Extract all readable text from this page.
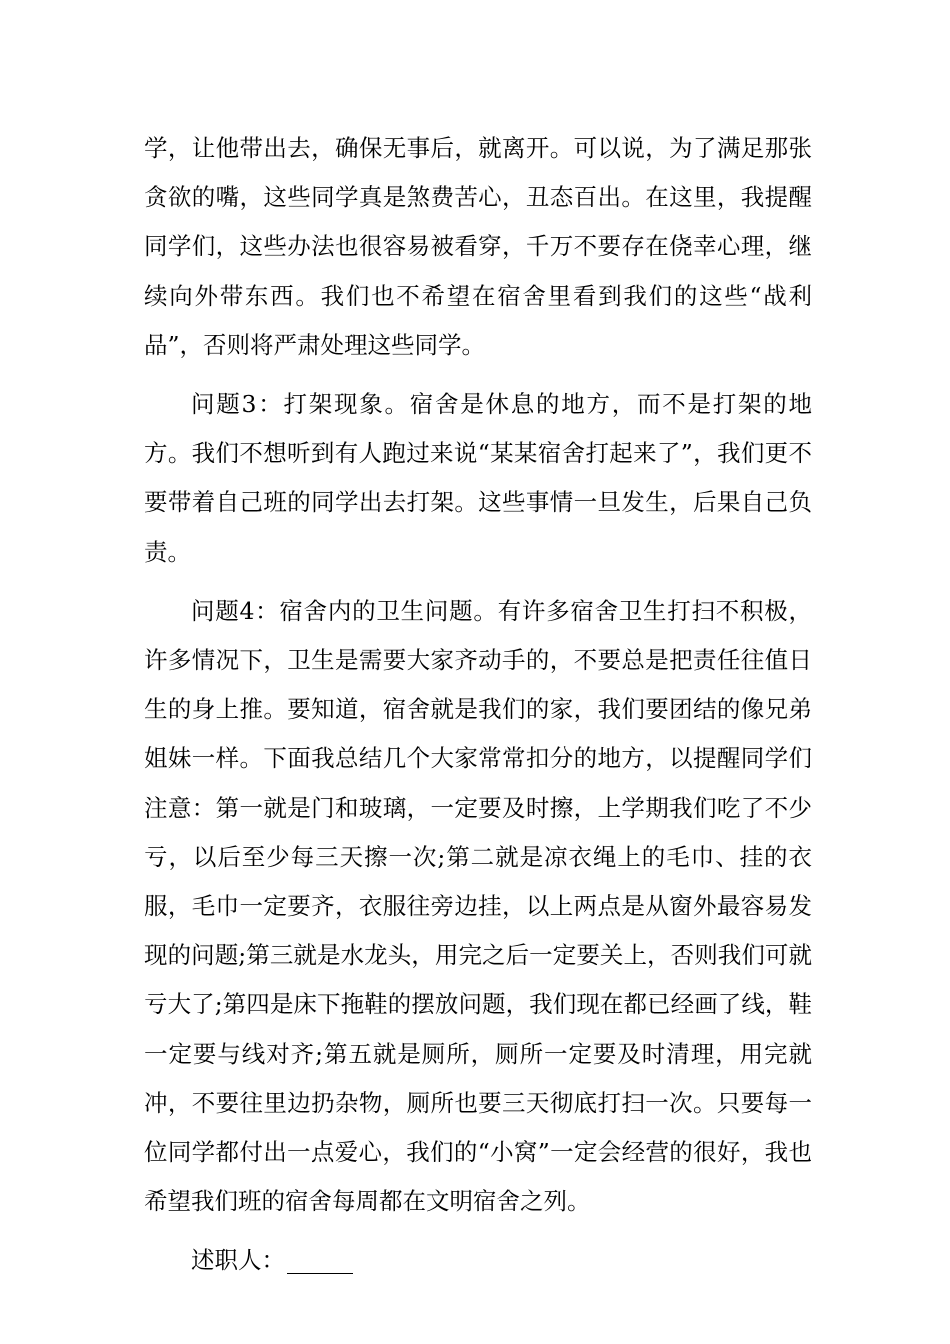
学，让他带出去，确保无事后，就离开。可以说，为了满足那张贪欲的嘴，这些同学真是煞费苦心，丑态百出。在这里，我提醒同学们，这些办法也很容易被看穿，千万不要存在侥幸心理，继续向外带东西。我们也不希望在宿舍里看到我们的这些“战利品”，否则将严肃处理这些同学。

问题3：打架现象。宿舍是休息的地方，而不是打架的地方。我们不想听到有人跑过来说“某某宿舍打起来了”，我们更不要带着自己班的同学出去打架。这些事情一旦发生，后果自己负责。

问题4：宿舍内的卫生问题。有许多宿舍卫生打扫不积极，许多情况下，卫生是需要大家齐动手的，不要总是把责任往值日生的身上推。要知道，宿舍就是我们的家，我们要团结的像兄弟姐妹一样。下面我总结几个大家常常扣分的地方，以提醒同学们注意：第一就是门和玻璃，一定要及时擦，上学期我们吃了不少亏，以后至少每三天擦一次;第二就是凉衣绳上的毛巾、挂的衣服，毛巾一定要齐，衣服往旁边挂，以上两点是从窗外最容易发现的问题;第三就是水龙头，用完之后一定要关上，否则我们可就亏大了;第四是床下拖鞋的摆放问题，我们现在都已经画了线，鞋一定要与线对齐;第五就是厕所，厕所一定要及时清理，用完就冲，不要往里边扔杂物，厕所也要三天彻底打扫一次。只要每一位同学都付出一点爱心，我们的“小窝”一定会经营的很好，我也希望我们班的宿舍每周都在文明宿舍之列。

述职人：
